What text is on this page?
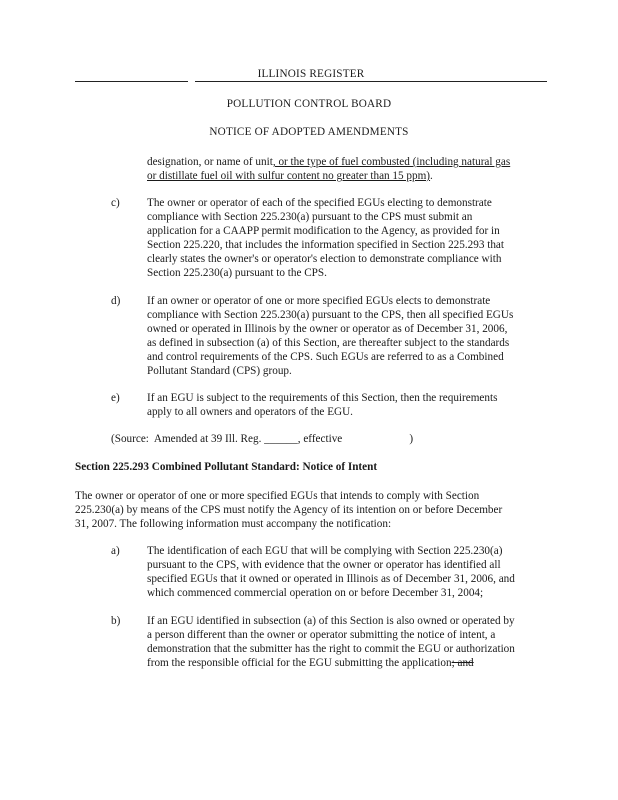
ILLINOIS REGISTER
POLLUTION CONTROL BOARD
NOTICE OF ADOPTED AMENDMENTS
designation, or name of unit, or the type of fuel combusted (including natural gas
or distillate fuel oil with sulfur content no greater than 15 ppm).
c) The owner or operator of each of the specified EGUs electing to demonstrate
compliance with Section 225.230(a) pursuant to the CPS must submit an
application for a CAAPP permit modification to the Agency, as provided for in
Section 225.220, that includes the information specified in Section 225.293 that
clearly states the owner's or operator's election to demonstrate compliance with
Section 225.230(a) pursuant to the CPS.
d) If an owner or operator of one or more specified EGUs elects to demonstrate
compliance with Section 225.230(a) pursuant to the CPS, then all specified EGUs
owned or operated in Illinois by the owner or operator as of December 31, 2006,
as defined in subsection (a) of this Section, are thereafter subject to the standards
and control requirements of the CPS. Such EGUs are referred to as a Combined
Pollutant Standard (CPS) group.
e) If an EGU is subject to the requirements of this Section, then the requirements
apply to all owners and operators of the EGU.
(Source:  Amended at 39 Ill. Reg. ______, effective                        )
Section 225.293 Combined Pollutant Standard: Notice of Intent
The owner or operator of one or more specified EGUs that intends to comply with Section
225.230(a) by means of the CPS must notify the Agency of its intention on or before December
31, 2007. The following information must accompany the notification:
a) The identification of each EGU that will be complying with Section 225.230(a)
pursuant to the CPS, with evidence that the owner or operator has identified all
specified EGUs that it owned or operated in Illinois as of December 31, 2006, and
which commenced commercial operation on or before December 31, 2004;
b) If an EGU identified in subsection (a) of this Section is also owned or operated by
a person different than the owner or operator submitting the notice of intent, a
demonstration that the submitter has the right to commit the EGU or authorization
from the responsible official for the EGU submitting the application; and
